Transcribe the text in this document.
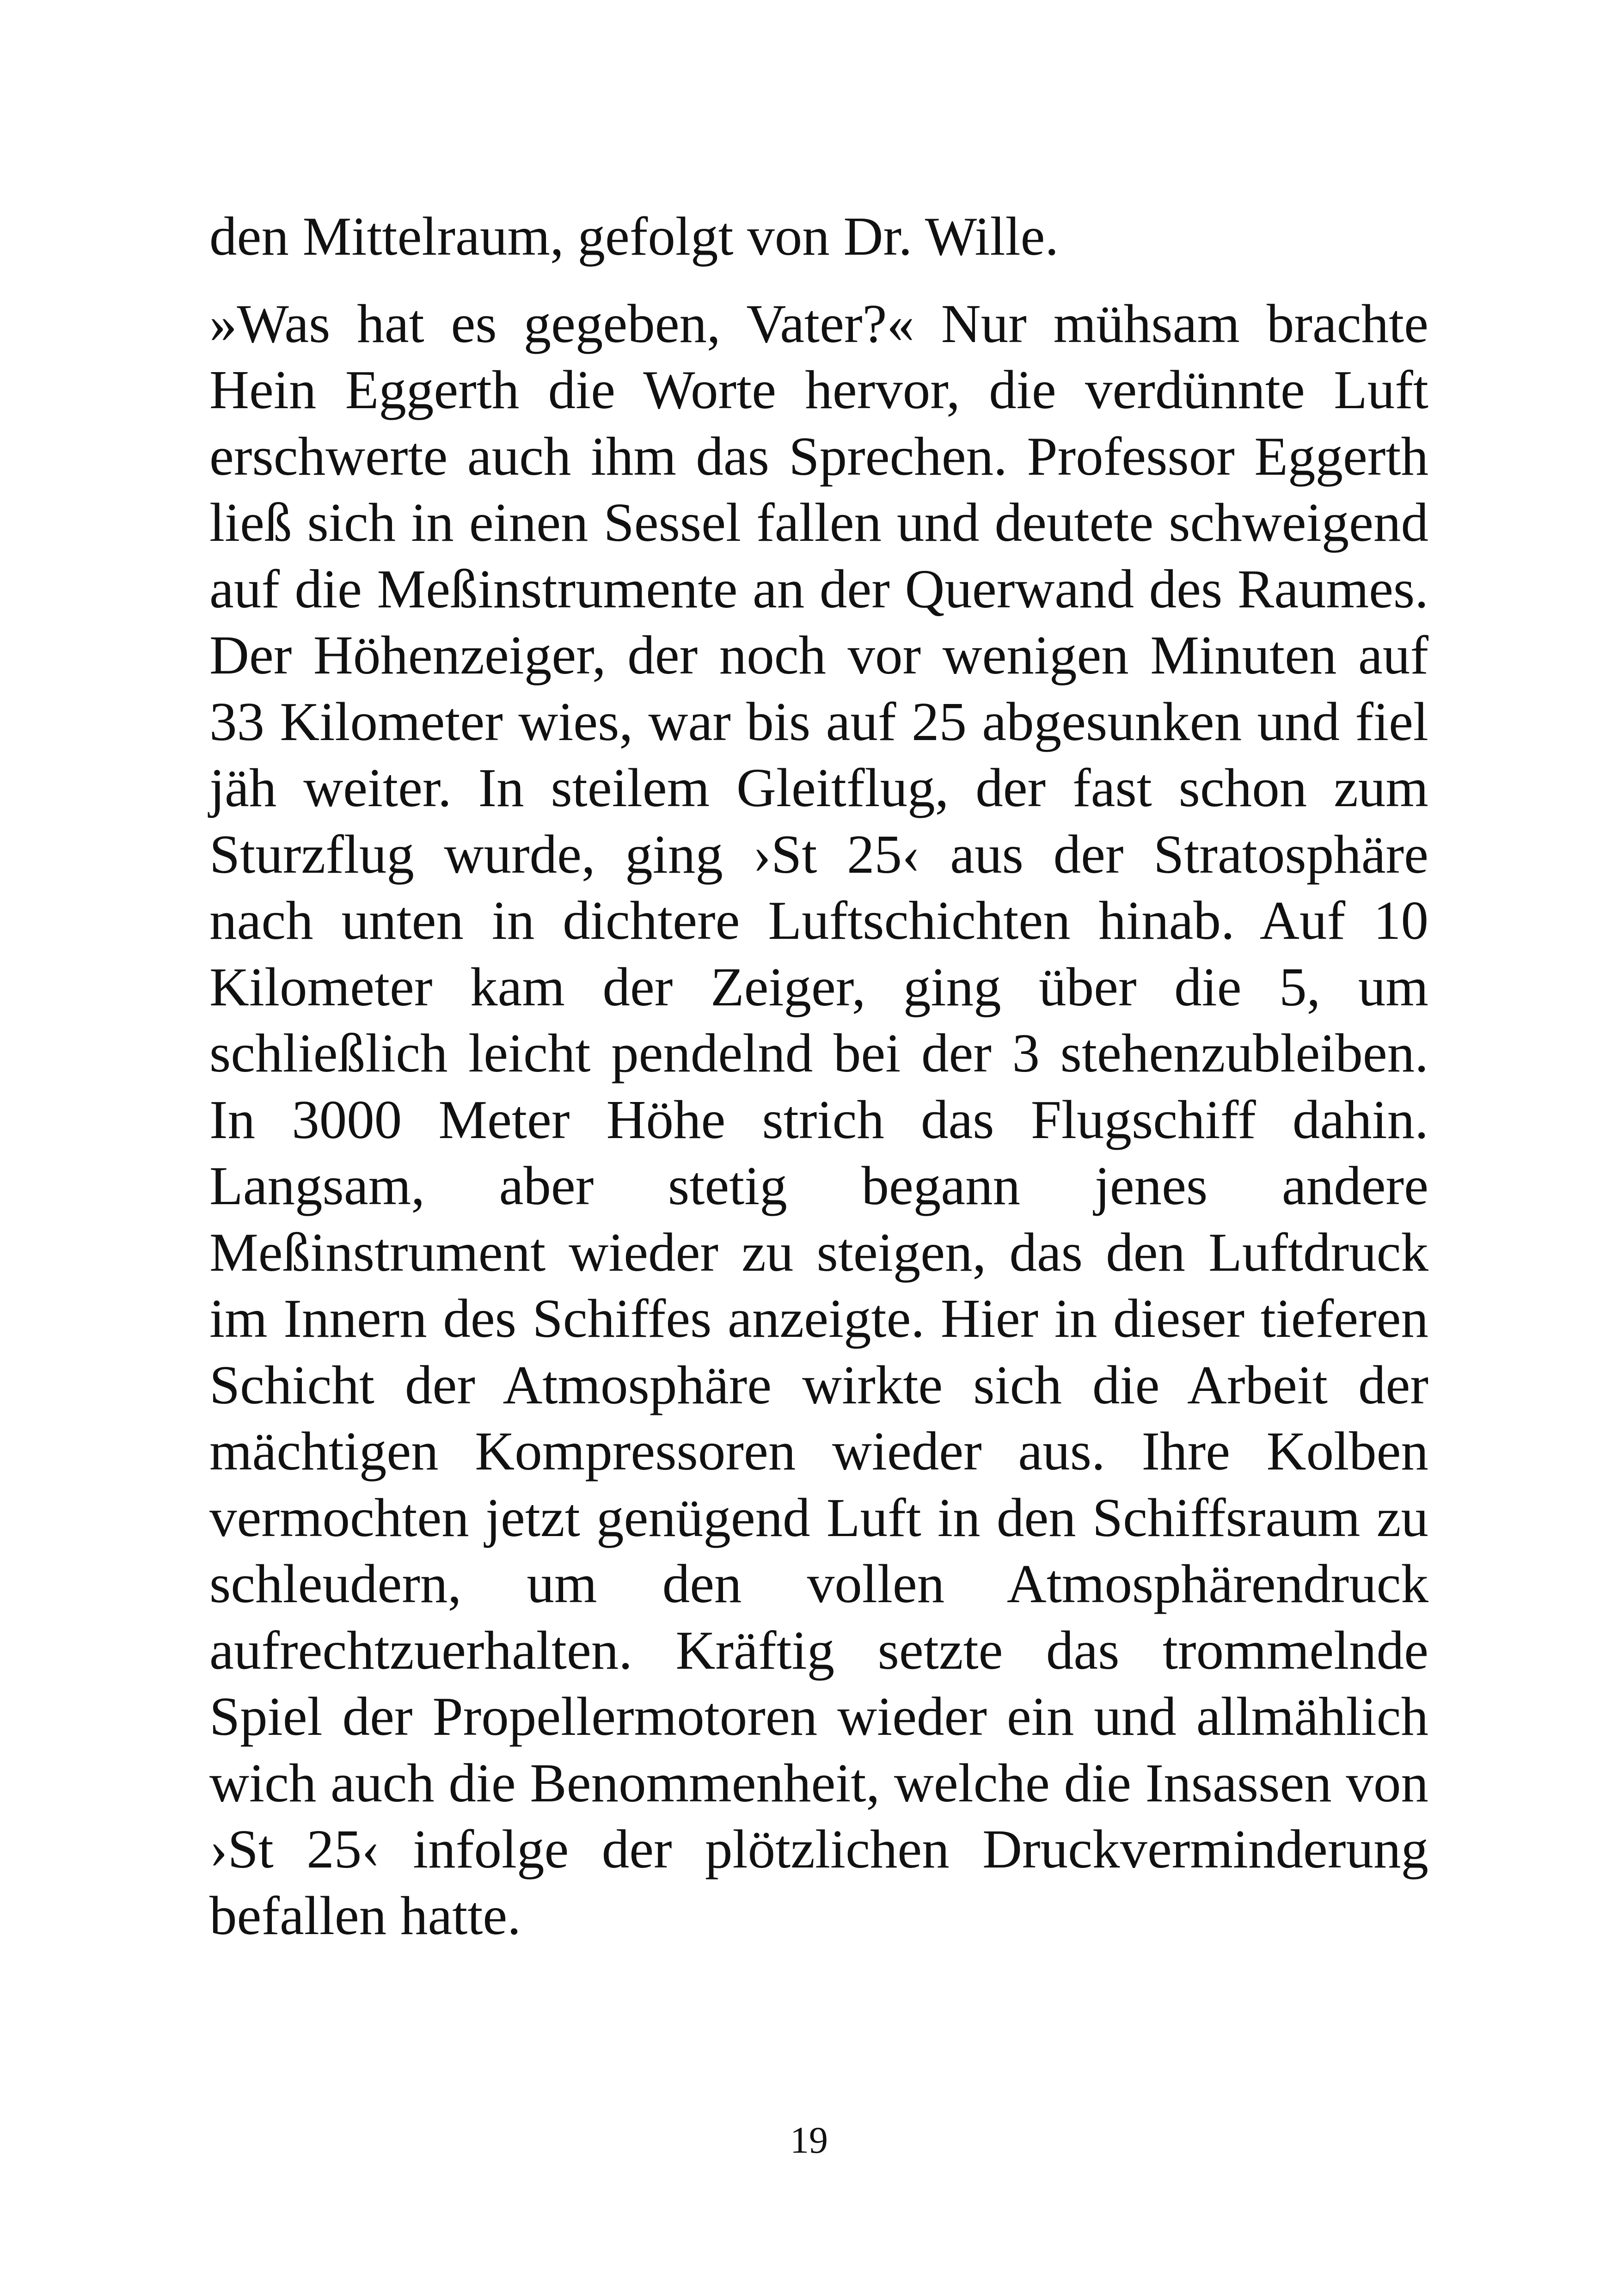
den Mittelraum, gefolgt von Dr. Wille.

»Was hat es gegeben, Vater?« Nur mühsam brachte Hein Eggerth die Worte hervor, die verdünnte Luft erschwerte auch ihm das Sprechen. Professor Eggerth ließ sich in einen Sessel fallen und deutete schweigend auf die Meßinstrumente an der Querwand des Raumes. Der Höhenzeiger, der noch vor wenigen Minuten auf 33 Kilometer wies, war bis auf 25 abgesunken und fiel jäh weiter. In steilem Gleitflug, der fast schon zum Sturzflug wurde, ging ›St 25‹ aus der Stratosphäre nach unten in dichtere Luftschichten hinab. Auf 10 Kilometer kam der Zeiger, ging über die 5, um schließlich leicht pendelnd bei der 3 stehenzubleiben. In 3000 Meter Höhe strich das Flugschiff dahin. Langsam, aber stetig begann jenes andere Meßinstrument wieder zu steigen, das den Luftdruck im Innern des Schiffes anzeigte. Hier in dieser tieferen Schicht der Atmosphäre wirkte sich die Arbeit der mächtigen Kompressoren wieder aus. Ihre Kolben vermochten jetzt genügend Luft in den Schiffsraum zu schleudern, um den vollen Atmosphärendruck aufrechtzuerhalten. Kräftig setzte das trommelnde Spiel der Propellermotoren wieder ein und allmählich wich auch die Benommenheit, welche die Insassen von ›St 25‹ infolge der plötzlichen Druckverminderung befallen hatte.

19
